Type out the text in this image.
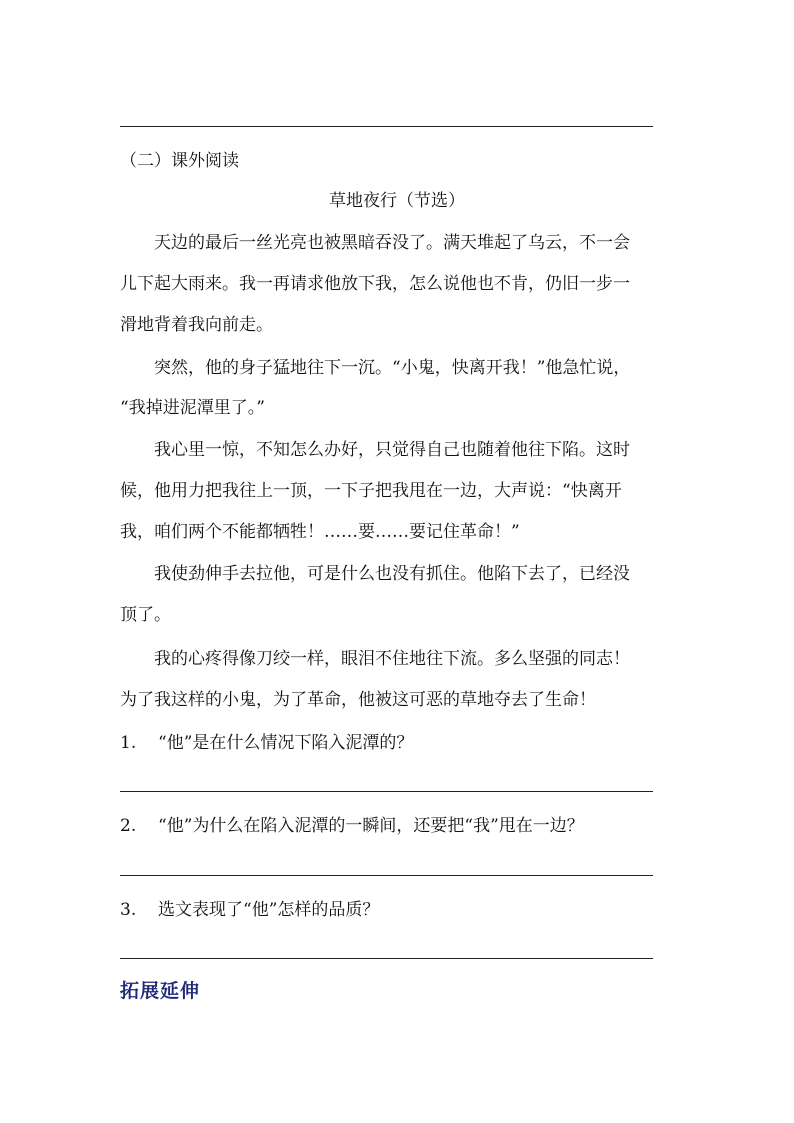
（二）课外阅读
草地夜行（节选）
　　天边的最后一丝光亮也被黑暗吞没了。满天堆起了乌云，不一会
儿下起大雨来。我一再请求他放下我，怎么说他也不肯，仍旧一步一
滑地背着我向前走。
　　突然，他的身子猛地往下一沉。“小鬼，快离开我！”他急忙说，
“我掉进泥潭里了。”
　　我心里一惊，不知怎么办好，只觉得自己也随着他往下陷。这时
候，他用力把我往上一顶，一下子把我甩在一边，大声说：“快离开
我，咱们两个不能都牺牲！……要……要记住革命！”
　　我使劲伸手去拉他，可是什么也没有抓住。他陷下去了，已经没
顶了。
　　我的心疼得像刀绞一样，眼泪不住地往下流。多么坚强的同志！
为了我这样的小鬼，为了革命，他被这可恶的草地夺去了生命！
1. “他”是在什么情况下陷入泥潭的？
2. “他”为什么在陷入泥潭的一瞬间，还要把“我”甩在一边？
3. 选文表现了“他”怎样的品质？
拓展延伸
